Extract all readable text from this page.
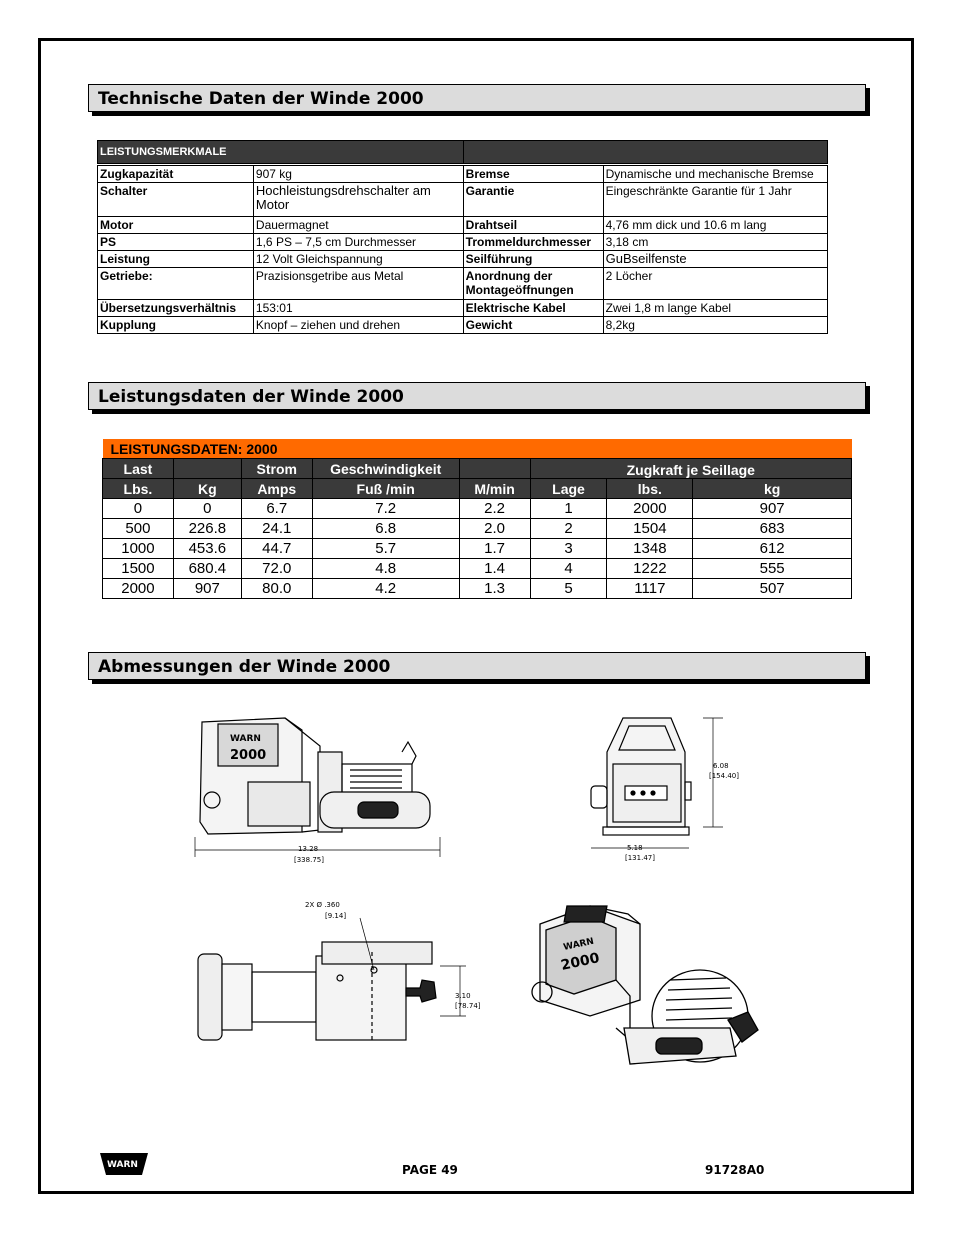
Technische Daten der Winde 2000
LEISTUNGSMERKMALE			

Zugkapazität	907 kg	Bremse	Dynamische und mechanische Bremse
Schalter	Hochleistungsdrehschalter am Motor	Garantie	Eingeschränkte Garantie für 1 Jahr
Motor	Dauermagnet	Drahtseil	4,76 mm dick und 10.6 m lang
PS	1,6 PS – 7,5 cm Durchmesser	Trommeldurchmesser	3,18 cm
Leistung	12 Volt Gleichspannung	Seilführung	GuBseilfenste
Getriebe:	Prazisionsgetribe aus Metal	Anordnung der Montageöffnungen	2 Löcher
Übersetzungsverhältnis	153:01	Elektrische Kabel	Zwei 1,8 m lange Kabel
Kupplung	Knopf – ziehen und drehen	Gewicht	8,2kg
Leistungsdaten der Winde 2000
LEISTUNGSDATEN: 2000							
Last		Strom	Geschwindigkeit		Zugkraft je Seillage		
Lbs.	Kg	Amps	Fuß /min	M/min	Lage	lbs.	kg
0	0	6.7	7.2	2.2	1	2000	907
500	226.8	24.1	6.8	2.0	2	1504	683
1000	453.6	44.7	5.7	1.7	3	1348	612
1500	680.4	72.0	4.8	1.4	4	1222	555
2000	907	80.0	4.2	1.3	5	1117	507
Abmessungen der Winde 2000
WARN
2000
13.28
[338.75]
6.08
[154.40]
5.18
[131.47]
2X Ø .360
[9.14]
3.10
[78.74]
WARN
2000
WARN	PAGE 49	91728A0
